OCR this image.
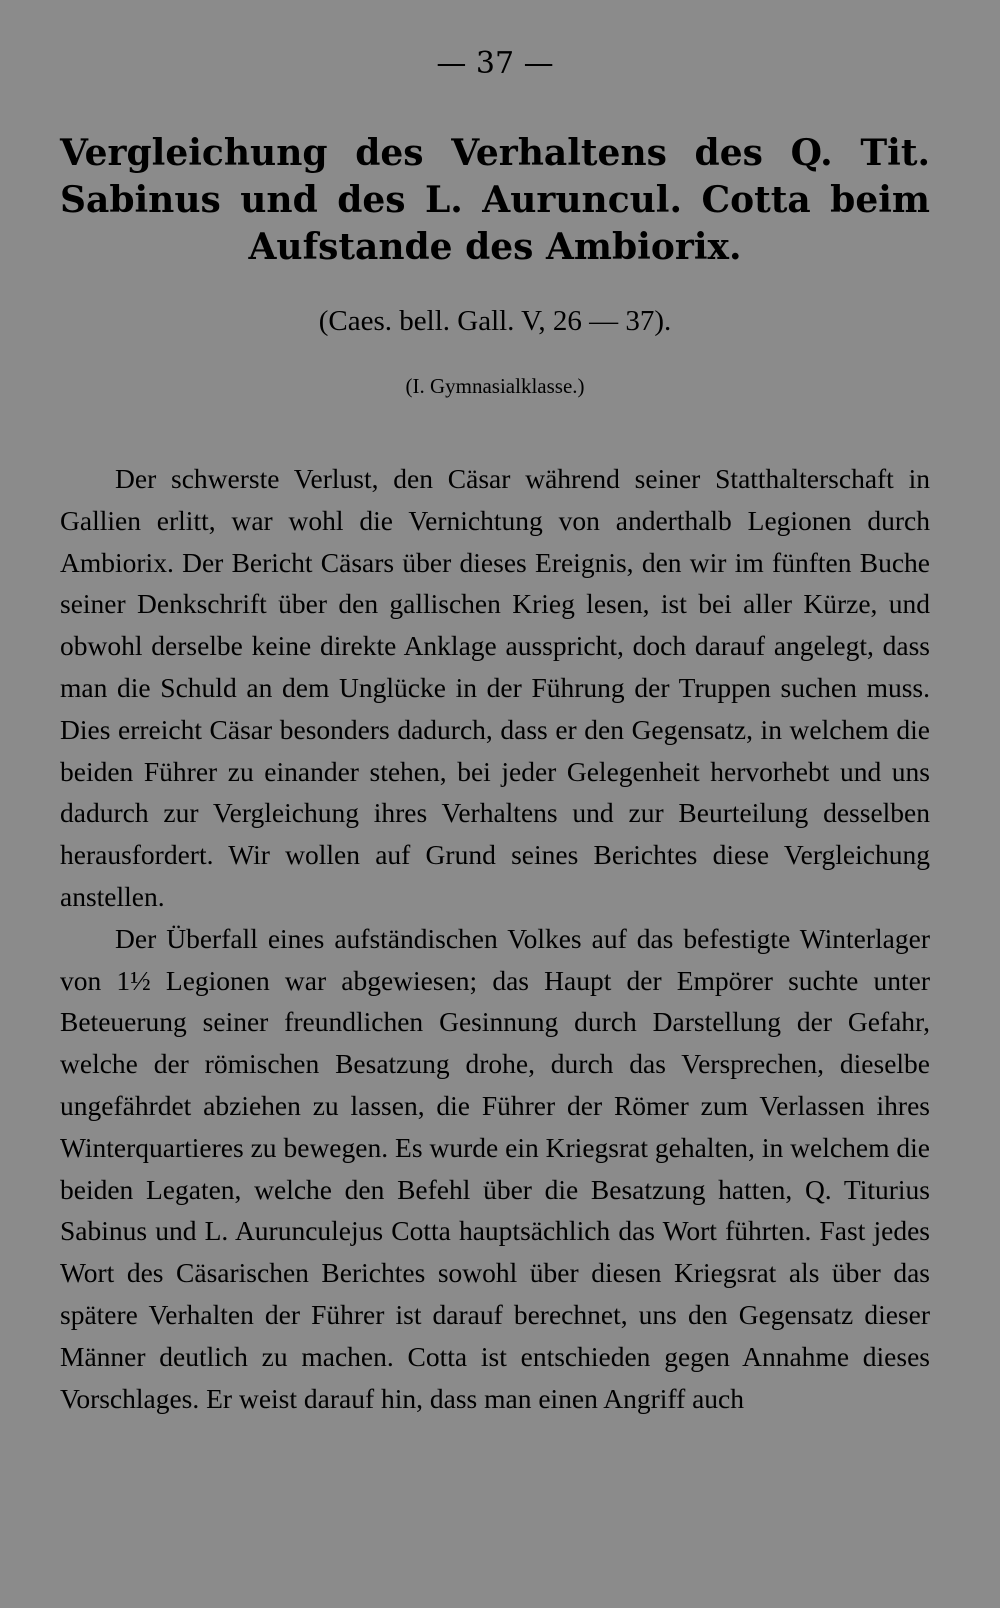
— 37 —
Vergleichung des Verhaltens des Q. Tit. Sabinus und des L. Auruncul. Cotta beim Aufstande des Ambiorix.
(Caes. bell. Gall. V, 26 — 37).
(I. Gymnasialklasse.)

Der schwerste Verlust, den Cäsar während seiner Statthalterschaft in Gallien erlitt, war wohl die Vernichtung von anderthalb Legionen durch Ambiorix. Der Bericht Cäsars über dieses Ereignis, den wir im fünften Buche seiner Denkschrift über den gallischen Krieg lesen, ist bei aller Kürze, und obwohl derselbe keine direkte Anklage ausspricht, doch darauf angelegt, dass man die Schuld an dem Unglücke in der Führung der Truppen suchen muss. Dies erreicht Cäsar besonders dadurch, dass er den Gegensatz, in welchem die beiden Führer zu einander stehen, bei jeder Gelegenheit hervorhebt und uns dadurch zur Vergleichung ihres Verhaltens und zur Beurteilung desselben herausfordert. Wir wollen auf Grund seines Berichtes diese Vergleichung anstellen.

Der Überfall eines aufständischen Volkes auf das befestigte Winterlager von 1½ Legionen war abgewiesen; das Haupt der Empörer suchte unter Beteuerung seiner freundlichen Gesinnung durch Darstellung der Gefahr, welche der römischen Besatzung drohe, durch das Versprechen, dieselbe ungefährdet abziehen zu lassen, die Führer der Römer zum Verlassen ihres Winterquartieres zu bewegen. Es wurde ein Kriegsrat gehalten, in welchem die beiden Legaten, welche den Befehl über die Besatzung hatten, Q. Titurius Sabinus und L. Aurunculejus Cotta hauptsächlich das Wort führten. Fast jedes Wort des Cäsarischen Berichtes sowohl über diesen Kriegsrat als über das spätere Verhalten der Führer ist darauf berechnet, uns den Gegensatz dieser Männer deutlich zu machen. Cotta ist entschieden gegen Annahme dieses Vorschlages. Er weist darauf hin, dass man einen Angriff auch
